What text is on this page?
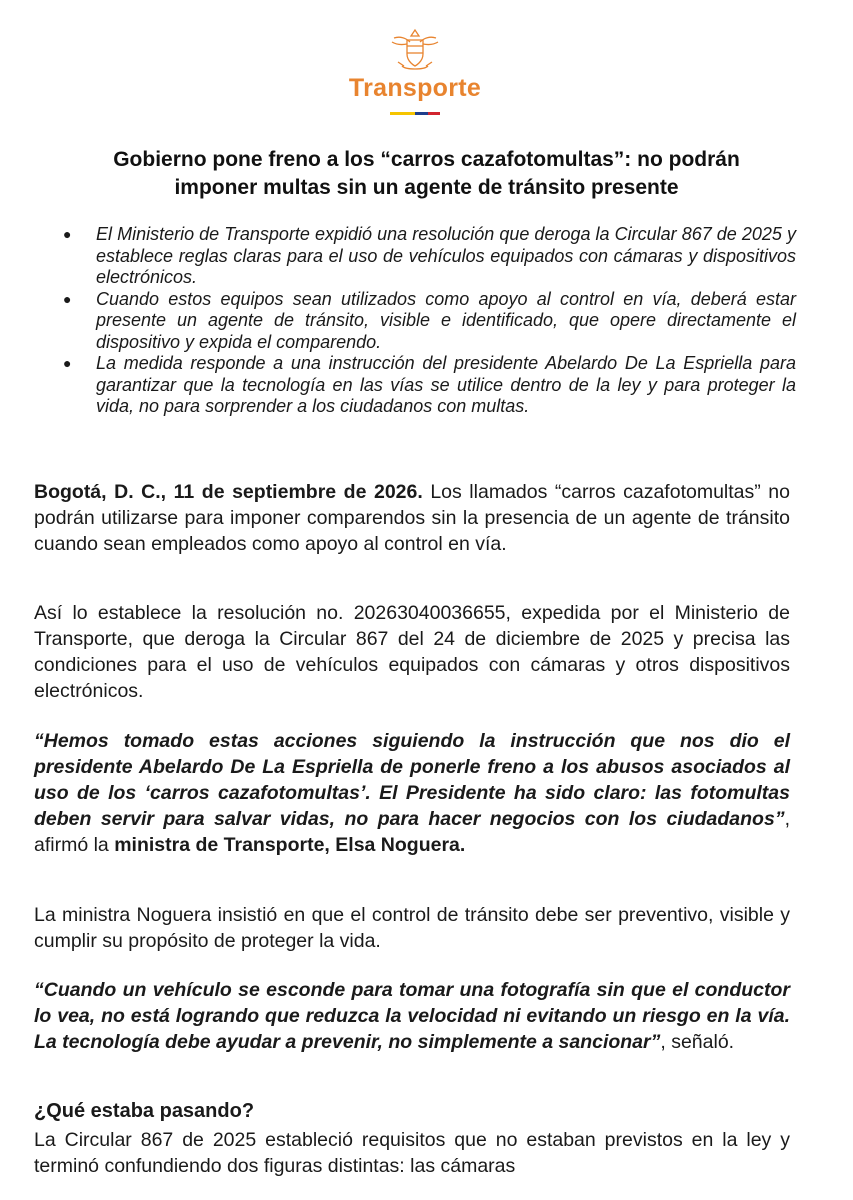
Transporte
Gobierno pone freno a los “carros cazafotomultas”: no podrán
imponer multas sin un agente de tránsito presente
● El Ministerio de Transporte expidió una resolución que deroga la Circular 867 de 2025 y establece reglas claras para el uso de vehículos equipados con cámaras y dispositivos electrónicos.
● Cuando estos equipos sean utilizados como apoyo al control en vía, deberá estar presente un agente de tránsito, visible e identificado, que opere directamente el dispositivo y expida el comparendo.
● La medida responde a una instrucción del presidente Abelardo De La Espriella para garantizar que la tecnología en las vías se utilice dentro de la ley y para proteger la vida, no para sorprender a los ciudadanos con multas.

Bogotá, D. C., 11 de septiembre de 2026. Los llamados “carros cazafotomultas” no podrán utilizarse para imponer comparendos sin la presencia de un agente de tránsito cuando sean empleados como apoyo al control en vía.

Así lo establece la resolución no. 20263040036655, expedida por el Ministerio de Transporte, que deroga la Circular 867 del 24 de diciembre de 2025 y precisa las condiciones para el uso de vehículos equipados con cámaras y otros dispositivos electrónicos.

“Hemos tomado estas acciones siguiendo la instrucción que nos dio el presidente Abelardo De La Espriella de ponerle freno a los abusos asociados al uso de los ‘carros cazafotomultas’. El Presidente ha sido claro: las fotomultas deben servir para salvar vidas, no para hacer negocios con los ciudadanos”, afirmó la ministra de Transporte, Elsa Noguera.

La ministra Noguera insistió en que el control de tránsito debe ser preventivo, visible y cumplir su propósito de proteger la vida.

“Cuando un vehículo se esconde para tomar una fotografía sin que el conductor lo vea, no está logrando que reduzca la velocidad ni evitando un riesgo en la vía. La tecnología debe ayudar a prevenir, no simplemente a sancionar”, señaló.

¿Qué estaba pasando?

La Circular 867 de 2025 estableció requisitos que no estaban previstos en la ley y terminó confundiendo dos figuras distintas: las cámaras
